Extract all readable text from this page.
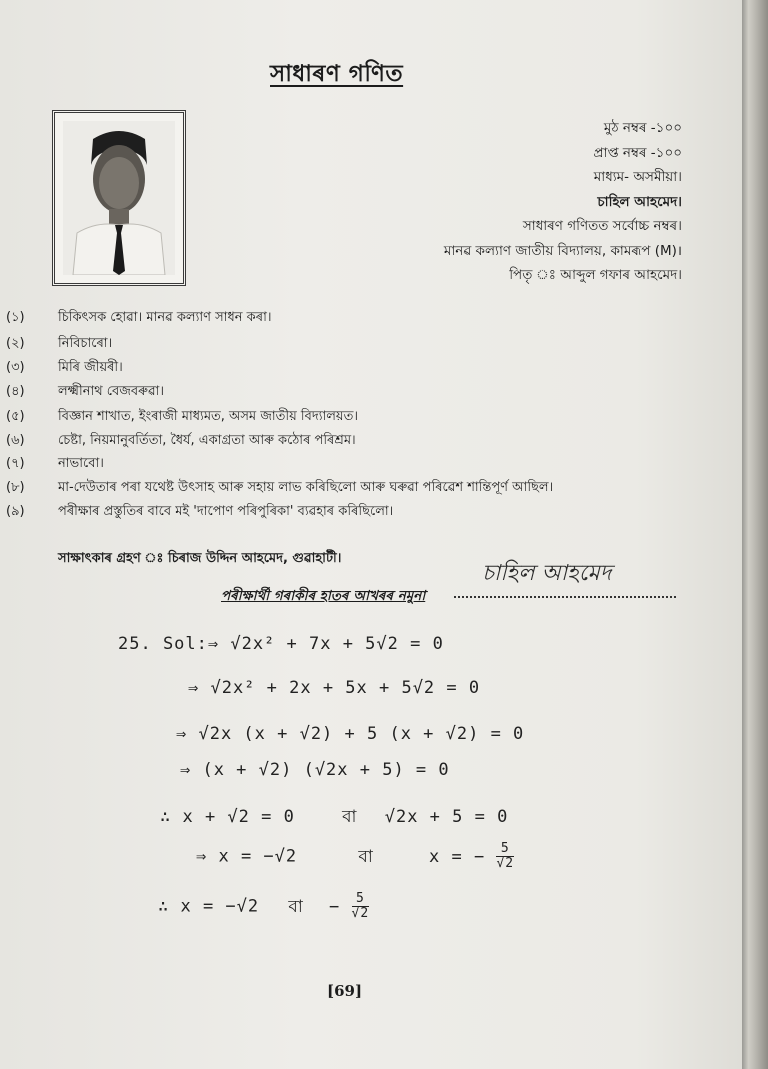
সাধাৰণ গণিত
মুঠ নম্বৰ -১০০
প্ৰাপ্ত নম্বৰ -১০০
মাধ্যম- অসমীয়া।
চাহিল আহমেদ।
সাধাৰণ গণিতত সৰ্বোচ্চ নম্বৰ।
মানৱ কল্যাণ জাতীয় বিদ্যালয়, কামৰূপ (M)।
পিতৃ ঃ আব্দুল গফাৰ আহমেদ।
(১)	চিকিৎসক হোৱা। মানৱ কল্যাণ সাধন কৰা।
(২)	নিবিচাৰো।
(৩)	মিৰি জীয়ৰী।
(৪)	লক্ষ্মীনাথ বেজবৰুৱা।
(৫)	বিজ্ঞান শাখাত, ইংৰাজী মাধ্যমত, অসম জাতীয় বিদ্যালয়ত।
(৬)	চেষ্টা, নিয়মানুবৰ্তিতা, ধৈৰ্য, একাগ্ৰতা আৰু কঠোৰ পৰিশ্ৰম।
(৭)	নাভাবো।
(৮)	মা-দেউতাৰ পৰা যথেষ্ট উৎসাহ আৰু সহায় লাভ কৰিছিলো আৰু ঘৰুৱা পৰিৱেশ শান্তিপূৰ্ণ আছিল।
(৯)	পৰীক্ষাৰ প্ৰস্তুতিৰ বাবে মই 'দাপোণ পৰিপুৰিকা' ব্যৱহাৰ কৰিছিলো।
সাক্ষাৎকাৰ গ্ৰহণ ঃ চিৰাজ উদ্দিন আহমেদ, গুৱাহাটী।
চাহিল আহমেদ
পৰীক্ষাৰ্থী গৰাকীৰ হাতৰ আখৰৰ নমুনা
25. Sol:⇒ √2x² + 7x + 5√2 = 0
⇒ √2x² + 2x + 5x + 5√2 = 0
⇒ √2x (x + √2) + 5 (x + √2) = 0
⇒ (x + √2) (√2x + 5) = 0
∴ x + √2 = 0	বা √2x + 5 = 0
⇒ x = −√2	বা	x = − $\frac{5}{√2}$
∴ x = −√2 বা − $\frac{5}{√2}$
[69]
